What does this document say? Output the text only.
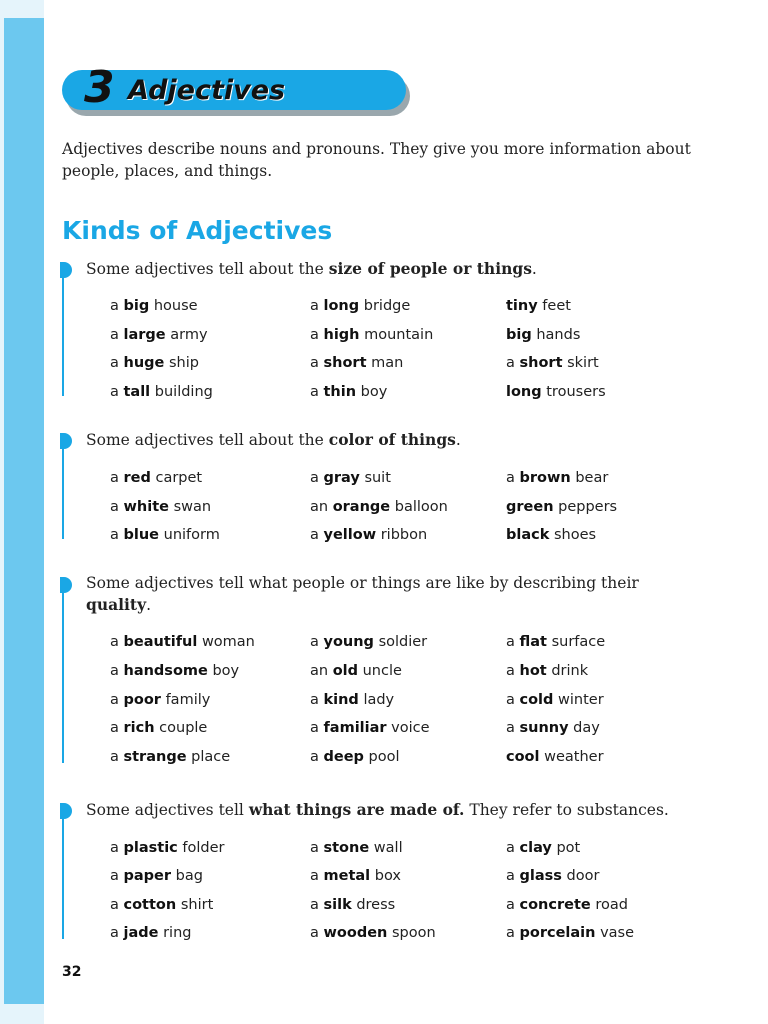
3 Adjectives

Adjectives describe nouns and pronouns. They give you more information about people, places, and things.

Kinds of Adjectives
Some adjectives tell about the size of people or things.
a big house	a long bridge	tiny feet
a large army	a high mountain	big hands
a huge ship	a short man	a short skirt
a tall building	a thin boy	long trousers
Some adjectives tell about the color of things.
a red carpet	a gray suit	a brown bear
a white swan	an orange balloon	green peppers
a blue uniform	a yellow ribbon	black shoes
Some adjectives tell what people or things are like by describing their quality.
a beautiful woman	a young soldier	a flat surface
a handsome boy	an old uncle	a hot drink
a poor family	a kind lady	a cold winter
a rich couple	a familiar voice	a sunny day
a strange place	a deep pool	cool weather
Some adjectives tell what things are made of. They refer to substances.
a plastic folder	a stone wall	a clay pot
a paper bag	a metal box	a glass door
a cotton shirt	a silk dress	a concrete road
a jade ring	a wooden spoon	a porcelain vase
32
